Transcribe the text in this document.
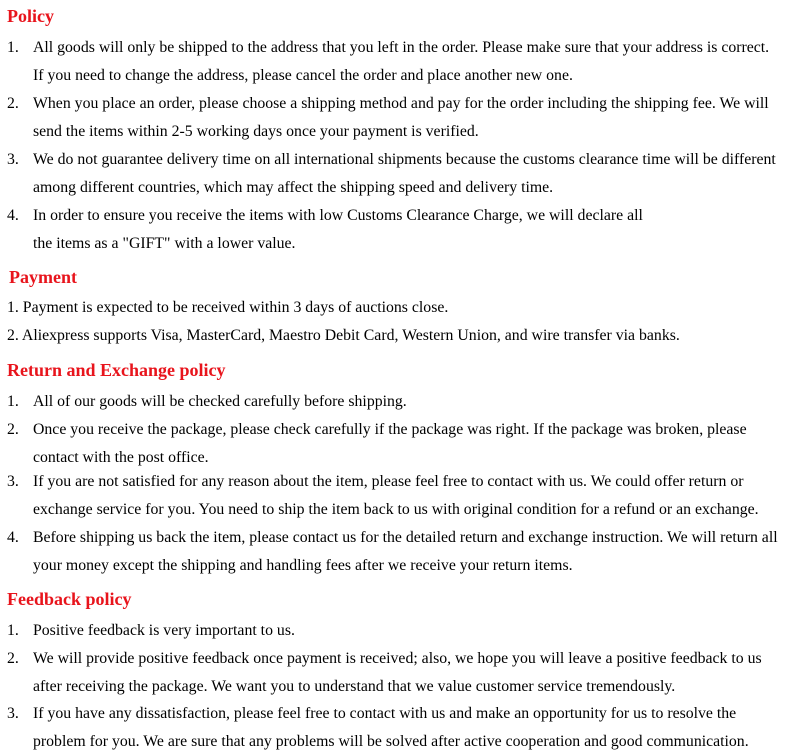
Policy
1. All goods will only be shipped to the address that you left in the order. Please make sure that your address is correct.
If you need to change the address, please cancel the order and place another new one.
2. When you place an order, please choose a shipping method and pay for the order including the shipping fee. We will
send the items within 2-5 working days once your payment is verified.
3. We do not guarantee delivery time on all international shipments because the customs clearance time will be different
among different countries, which may affect the shipping speed and delivery time.
4. In order to ensure you receive the items with low Customs Clearance Charge, we will declare all
the items as a "GIFT" with a lower value.
Payment
1. Payment is expected to be received within 3 days of auctions close.
2. Aliexpress supports Visa, MasterCard, Maestro Debit Card, Western Union, and wire transfer via banks.
Return and Exchange policy
1. All of our goods will be checked carefully before shipping.
2. Once you receive the package, please check carefully if the package was right. If the package was broken, please
contact with the post office.
3. If you are not satisfied for any reason about the item, please feel free to contact with us. We could offer return or
exchange service for you. You need to ship the item back to us with original condition for a refund or an exchange.
4. Before shipping us back the item, please contact us for the detailed return and exchange instruction. We will return all
your money except the shipping and handling fees after we receive your return items.
Feedback policy
1. Positive feedback is very important to us.
2. We will provide positive feedback once payment is received; also, we hope you will leave a positive feedback to us
after receiving the package. We want you to understand that we value customer service tremendously.
3. If you have any dissatisfaction, please feel free to contact with us and make an opportunity for us to resolve the
problem for you. We are sure that any problems will be solved after active cooperation and good communication.
